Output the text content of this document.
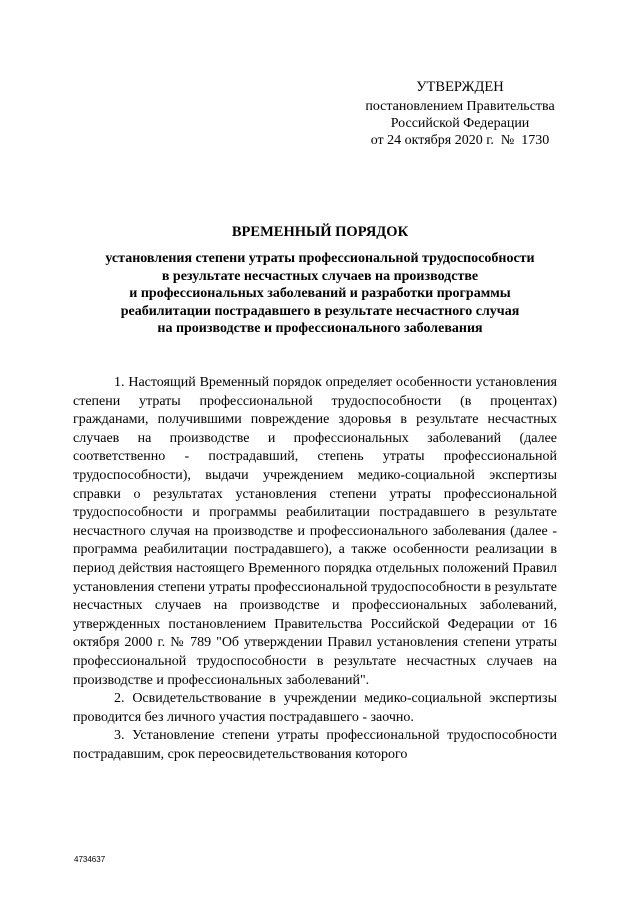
УТВЕРЖДЕН
постановлением Правительства
Российской Федерации
от 24 октября 2020 г.  №  1730
ВРЕМЕННЫЙ ПОРЯДОК
установления степени утраты профессиональной трудоспособности
в результате несчастных случаев на производстве
и профессиональных заболеваний и разработки программы
реабилитации пострадавшего в результате несчастного случая
на производстве и профессионального заболевания

1. Настоящий Временный порядок определяет особенности установления степени утраты профессиональной трудоспособности (в процентах) гражданами, получившими повреждение здоровья в результате несчастных случаев на производстве и профессиональных заболеваний (далее соответственно - пострадавший, степень утраты профессиональной трудоспособности), выдачи учреждением медико-социальной экспертизы справки о результатах установления степени утраты профессиональной трудоспособности и программы реабилитации пострадавшего в результате несчастного случая на производстве и профессионального заболевания (далее - программа реабилитации пострадавшего), а также особенности реализации в период действия настоящего Временного порядка отдельных положений Правил установления степени утраты профессиональной трудоспособности в результате несчастных случаев на производстве и профессиональных заболеваний, утвержденных постановлением Правительства Российской Федерации от 16 октября 2000 г. № 789 "Об утверждении Правил установления степени утраты профессиональной трудоспособности в результате несчастных случаев на производстве и профессиональных заболеваний".

2. Освидетельствование в учреждении медико-социальной экспертизы проводится без личного участия пострадавшего - заочно.

3. Установление степени утраты профессиональной трудоспособности пострадавшим, срок переосвидетельствования которого

4734637
